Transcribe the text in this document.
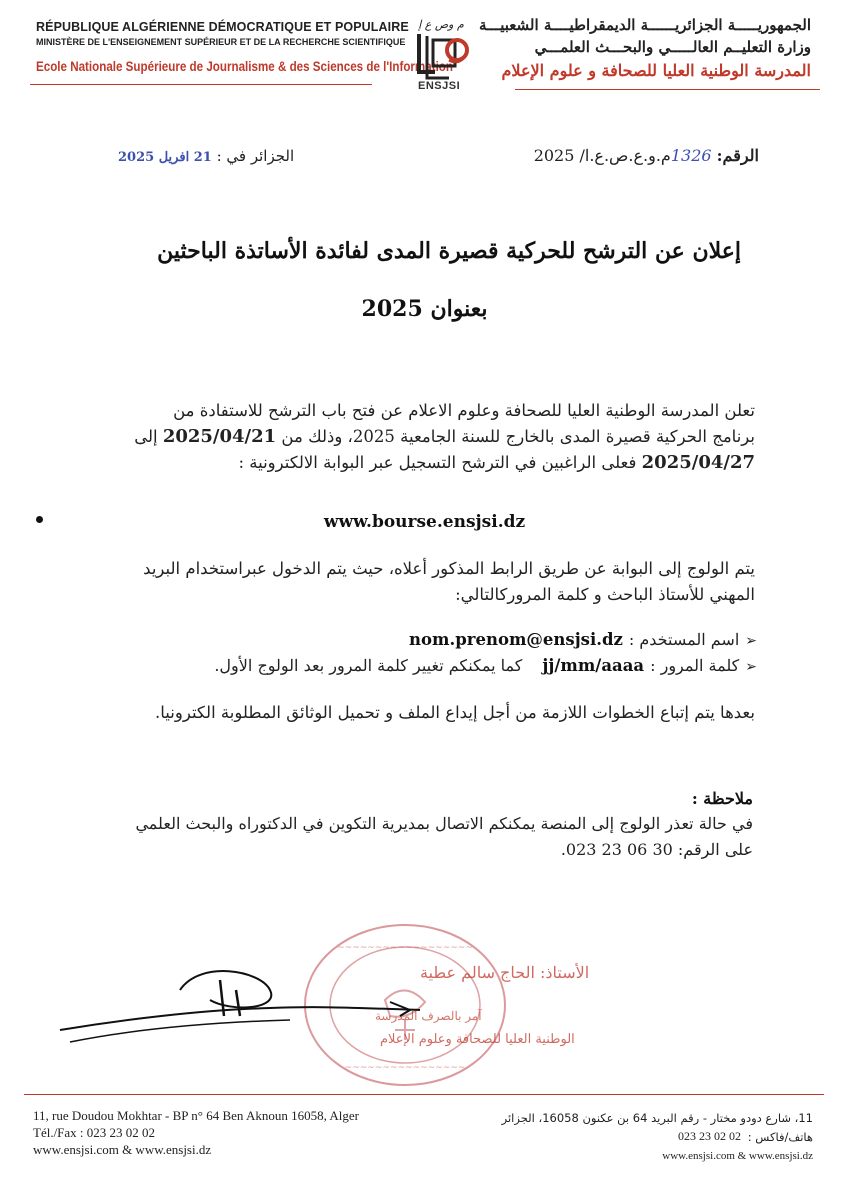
RÉPUBLIQUE ALGÉRIENNE DÉMOCRATIQUE ET POPULAIRE
MINISTÈRE DE L'ENSEIGNEMENT SUPÉRIEUR ET DE LA RECHERCHE SCIENTIFIQUE
Ecole Nationale Supérieure de Journalisme & des Sciences de l'Information
الجمهوريـــــة الجزائريــــــة الديمقراطيــــة الشعبيـــة
وزارة التعليــم العالـــــي والبحـــث العلمـــي
المدرسة الوطنية العليا للصحافة و علوم الإعلام
م وص ع إ
ENSJSI
الرقم: 1326م.و.ع.ص.ع.ا/ 2025
الجزائر في : 21 افريل 2025
إعلان عن الترشح للحركية قصيرة المدى لفائدة الأساتذة الباحثين
بعنوان 2025
تعلن المدرسة الوطنية العليا للصحافة وعلوم الاعلام عن فتح باب الترشح للاستفادة من
برنامج الحركية قصيرة المدى بالخارج للسنة الجامعية 2025، وذلك من 2025/04/21 إلى
2025/04/27 فعلى الراغبين في الترشح التسجيل عبر البوابة الالكترونية :
www.bourse.ensjsi.dz
يتم الولوج إلى البوابة عن طريق الرابط المذكور أعلاه، حيث يتم الدخول عبراستخدام البريد
المهني للأستاذ الباحث و كلمة المروركالتالي:
➢اسم المستخدم :nom.prenom@ensjsi.dz
➢كلمة المرور :jj/mm/aaaaكما يمكنكم تغيير كلمة المرور بعد الولوج الأول.
بعدها يتم إتباع الخطوات اللازمة من أجل إيداع الملف و تحميل الوثائق المطلوبة الكترونيا.
ملاحظة :
في حالة تعذر الولوج إلى المنصة يمكنكم الاتصال بمديرية التكوين في الدكتوراه والبحث العلمي
على الرقم: 30 06 23 023.
~~~~~~~~~~~~~~~~~~
~~~~~~~~~~~~~~~~
الأستاذ: الحاج سالم عطية
آمر بالصرف المدرسة
الوطنية العليا للصحافة وعلوم الإعلام
11, rue Doudou Mokhtar - BP n° 64 Ben Aknoun 16058, Alger
Tél./Fax : 023 23 02 02
www.ensjsi.com & www.ensjsi.dz
11، شارع دودو مختار - رقم البريد 64 بن عكنون 16058، الجزائر
هاتف/فاكس :
023 23 02 02
www.ensjsi.com & www.ensjsi.dz
